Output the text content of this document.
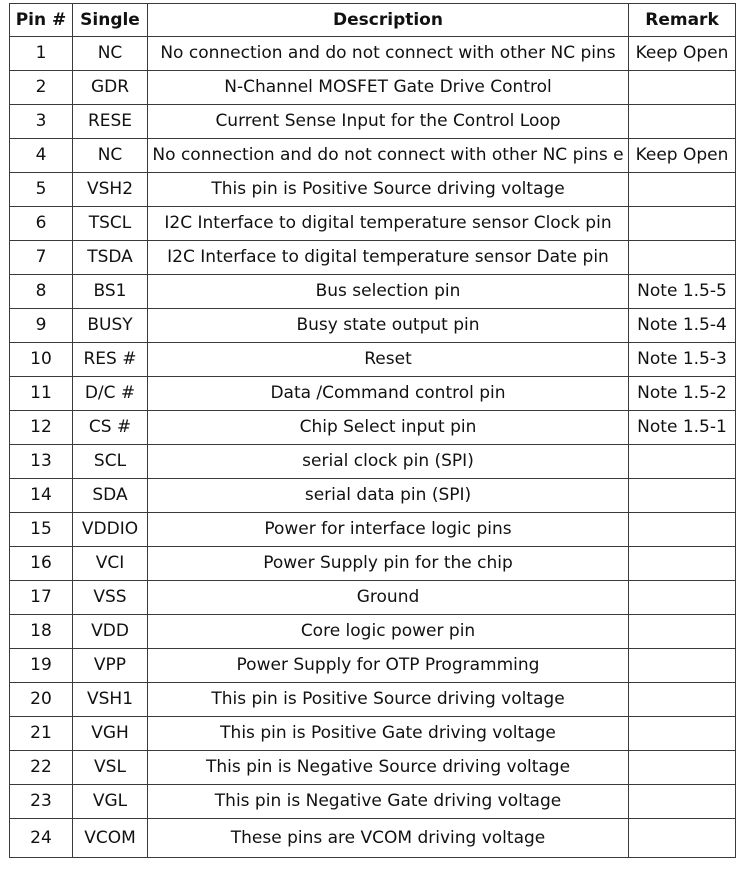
Pin #	Single	Description	Remark
1	NC	No connection and do not connect with other NC pins	Keep Open
2	GDR	N-Channel MOSFET Gate Drive Control	
3	RESE	Current Sense Input for the Control Loop	
4	NC	No connection and do not connect with other NC pins e	Keep Open
5	VSH2	This pin is Positive Source driving voltage	
6	TSCL	I2C Interface to digital temperature sensor Clock pin	
7	TSDA	I2C Interface to digital temperature sensor Date pin	
8	BS1	Bus selection pin	Note 1.5-5
9	BUSY	Busy state output pin	Note 1.5-4
10	RES #	Reset	Note 1.5-3
11	D/C #	Data /Command control pin	Note 1.5-2
12	CS #	Chip Select input pin	Note 1.5-1
13	SCL	serial clock pin (SPI)	
14	SDA	serial data pin (SPI)	
15	VDDIO	Power for interface logic pins	
16	VCI	Power Supply pin for the chip	
17	VSS	Ground	
18	VDD	Core logic power pin	
19	VPP	Power Supply for OTP Programming	
20	VSH1	This pin is Positive Source driving voltage	
21	VGH	This pin is Positive Gate driving voltage	
22	VSL	This pin is Negative Source driving voltage	
23	VGL	This pin is Negative Gate driving voltage	
24	VCOM	These pins are VCOM driving voltage	
